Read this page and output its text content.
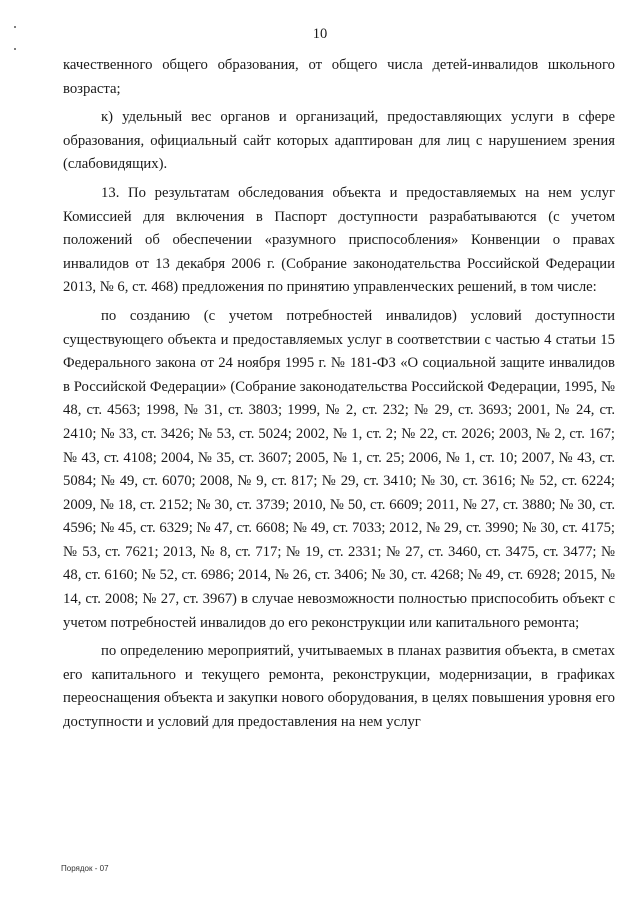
10

качественного общего образования, от общего числа детей-инвалидов школьного возраста;

к) удельный вес органов и организаций, предоставляющих услуги в сфере образования, официальный сайт которых адаптирован для лиц с нарушением зрения (слабовидящих).

13. По результатам обследования объекта и предоставляемых на нем услуг Комиссией для включения в Паспорт доступности разрабатываются (с учетом положений об обеспечении «разумного приспособления» Конвенции о правах инвалидов от 13 декабря 2006 г. (Собрание законодательства Российской Федерации 2013, № 6, ст. 468) предложения по принятию управленческих решений, в том числе:

по созданию (с учетом потребностей инвалидов) условий доступности существующего объекта и предоставляемых услуг в соответствии с частью 4 статьи 15 Федерального закона от 24 ноября 1995 г. № 181-ФЗ «О социальной защите инвалидов в Российской Федерации» (Собрание законодательства Российской Федерации, 1995, № 48, ст. 4563; 1998, № 31, ст. 3803; 1999, № 2, ст. 232; № 29, ст. 3693; 2001, № 24, ст. 2410; № 33, ст. 3426; № 53, ст. 5024; 2002, № 1, ст. 2; № 22, ст. 2026; 2003, № 2, ст. 167; № 43, ст. 4108; 2004, № 35, ст. 3607; 2005, № 1, ст. 25; 2006, № 1, ст. 10; 2007, № 43, ст. 5084; № 49, ст. 6070; 2008, № 9, ст. 817; № 29, ст. 3410; № 30, ст. 3616; № 52, ст. 6224; 2009, № 18, ст. 2152; № 30, ст. 3739; 2010, № 50, ст. 6609; 2011, № 27, ст. 3880; № 30, ст. 4596; № 45, ст. 6329; № 47, ст. 6608; № 49, ст. 7033; 2012, № 29, ст. 3990; № 30, ст. 4175; № 53, ст. 7621; 2013, № 8, ст. 717; № 19, ст. 2331; № 27, ст. 3460, ст. 3475, ст. 3477; № 48, ст. 6160; № 52, ст. 6986; 2014, № 26, ст. 3406; № 30, ст. 4268; № 49, ст. 6928; 2015, № 14, ст. 2008; № 27, ст. 3967) в случае невозможности полностью приспособить объект с учетом потребностей инвалидов до его реконструкции или капитального ремонта;

по определению мероприятий, учитываемых в планах развития объекта, в сметах его капитального и текущего ремонта, реконструкции, модернизации, в графиках переоснащения объекта и закупки нового оборудования, в целях повышения уровня его доступности и условий для предоставления на нем услуг

Порядок - 07
